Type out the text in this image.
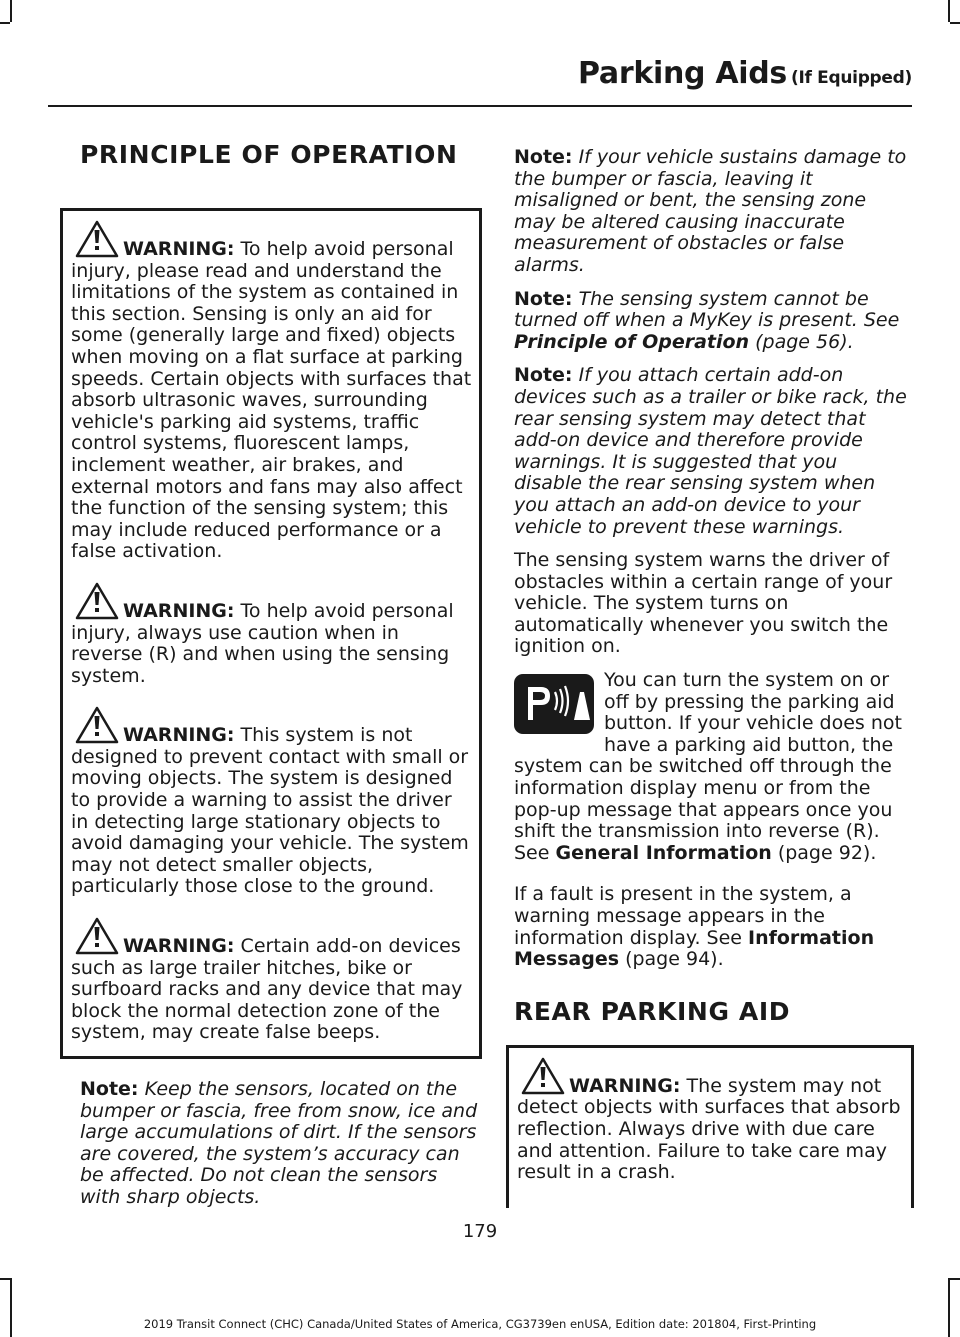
Parking Aids (If Equipped)
PRINCIPLE OF OPERATION

WARNING: To help avoid personal injury, please read and understand the limitations of the system as contained in this section. Sensing is only an aid for some (generally large and fixed) objects when moving on a flat surface at parking speeds. Certain objects with surfaces that absorb ultrasonic waves, surrounding vehicle's parking aid systems, traffic control systems, fluorescent lamps, inclement weather, air brakes, and external motors and fans may also affect the function of the sensing system; this may include reduced performance or a false activation.

WARNING: To help avoid personal injury, always use caution when in reverse (R) and when using the sensing system.

WARNING: This system is not designed to prevent contact with small or moving objects. The system is designed to provide a warning to assist the driver in detecting large stationary objects to avoid damaging your vehicle. The system may not detect smaller objects, particularly those close to the ground.

WARNING: Certain add-on devices such as large trailer hitches, bike or surfboard racks and any device that may block the normal detection zone of the system, may create false beeps.

Note: Keep the sensors, located on the bumper or fascia, free from snow, ice and large accumulations of dirt. If the sensors are covered, the system’s accuracy can be affected. Do not clean the sensors with sharp objects.

Note: If your vehicle sustains damage to the bumper or fascia, leaving it misaligned or bent, the sensing zone may be altered causing inaccurate measurement of obstacles or false alarms.

Note: The sensing system cannot be turned off when a MyKey is present. See Principle of Operation (page 56).

Note: If you attach certain add-on devices such as a trailer or bike rack, the rear sensing system may detect that add-on device and therefore provide warnings. It is suggested that you disable the rear sensing system when you attach an add-on device to your vehicle to prevent these warnings.

The sensing system warns the driver of obstacles within a certain range of your vehicle. The system turns on automatically whenever you switch the ignition on.

You can turn the system on or off by pressing the parking aid button. If your vehicle does not have a parking aid button, the system can be switched off through the information display menu or from the pop-up message that appears once you shift the transmission into reverse (R). See General Information (page 92).

If a fault is present in the system, a warning message appears in the information display. See Information Messages (page 94).

REAR PARKING AID

WARNING: The system may not detect objects with surfaces that absorb reflection. Always drive with due care and attention. Failure to take care may result in a crash.

179
2019 Transit Connect (CHC) Canada/United States of America, CG3739en enUSA, Edition date: 201804, First-Printing
